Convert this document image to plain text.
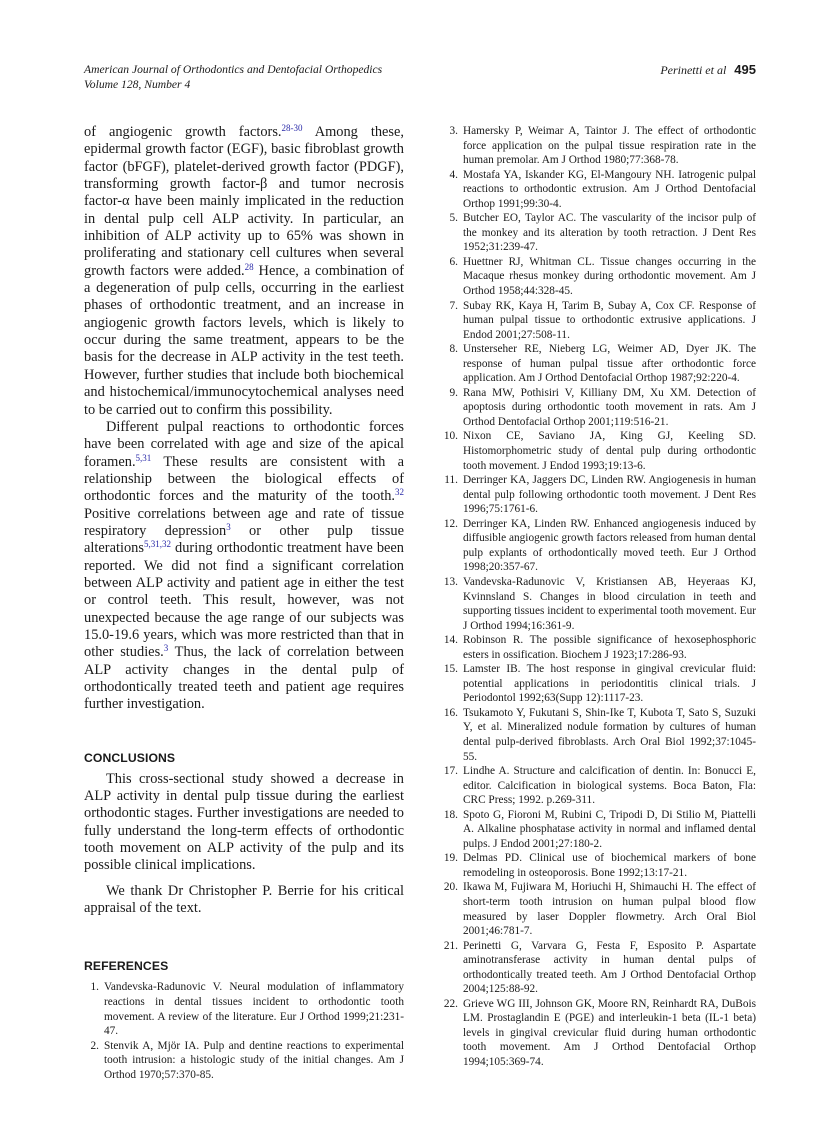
American Journal of Orthodontics and Dentofacial Orthopedics
Volume 128, Number 4
Perinetti et al 495

of angiogenic growth factors.$^{28-30}$ Among these, epidermal growth factor (EGF), basic fibroblast growth factor (bFGF), platelet-derived growth factor (PDGF), transforming growth factor-β and tumor necrosis factor-α have been mainly implicated in the reduction in dental pulp cell ALP activity. In particular, an inhibition of ALP activity up to 65% was shown in proliferating and stationary cell cultures when several growth factors were added.$^{28}$ Hence, a combination of a degeneration of pulp cells, occurring in the earliest phases of orthodontic treatment, and an increase in angiogenic growth factors levels, which is likely to occur during the same treatment, appears to be the basis for the decrease in ALP activity in the test teeth. However, further studies that include both biochemical and histochemical/immunocytochemical analyses need to be carried out to confirm this possibility.

Different pulpal reactions to orthodontic forces have been correlated with age and size of the apical foramen.$^{5,31}$ These results are consistent with a relationship between the biological effects of orthodontic forces and the maturity of the tooth.$^{32}$ Positive correlations between age and rate of tissue respiratory depression$^3$ or other pulp tissue alterations$^{5,31,32}$ during orthodontic treatment have been reported. We did not find a significant correlation between ALP activity and patient age in either the test or control teeth. This result, however, was not unexpected because the age range of our subjects was 15.0-19.6 years, which was more restricted than that in other studies.$^3$ Thus, the lack of correlation between ALP activity changes in the dental pulp of orthodontically treated teeth and patient age requires further investigation.

CONCLUSIONS

This cross-sectional study showed a decrease in ALP activity in dental pulp tissue during the earliest orthodontic stages. Further investigations are needed to fully understand the long-term effects of orthodontic tooth movement on ALP activity of the pulp and its possible clinical implications.

We thank Dr Christopher P. Berrie for his critical appraisal of the text.

REFERENCES
1. Vandevska-Radunovic V. Neural modulation of inflammatory reactions in dental tissues incident to orthodontic tooth movement. A review of the literature. Eur J Orthod 1999;21:231-47.
2. Stenvik A, Mjör IA. Pulp and dentine reactions to experimental tooth intrusion: a histologic study of the initial changes. Am J Orthod 1970;57:370-85.
3. Hamersky P, Weimar A, Taintor J. The effect of orthodontic force application on the pulpal tissue respiration rate in the human premolar. Am J Orthod 1980;77:368-78.
4. Mostafa YA, Iskander KG, El-Mangoury NH. Iatrogenic pulpal reactions to orthodontic extrusion. Am J Orthod Dentofacial Orthop 1991;99:30-4.
5. Butcher EO, Taylor AC. The vascularity of the incisor pulp of the monkey and its alteration by tooth retraction. J Dent Res 1952;31:239-47.
6. Huettner RJ, Whitman CL. Tissue changes occurring in the Macaque rhesus monkey during orthodontic movement. Am J Orthod 1958;44:328-45.
7. Subay RK, Kaya H, Tarim B, Subay A, Cox CF. Response of human pulpal tissue to orthodontic extrusive applications. J Endod 2001;27:508-11.
8. Unsterseher RE, Nieberg LG, Weimer AD, Dyer JK. The response of human pulpal tissue after orthodontic force application. Am J Orthod Dentofacial Orthop 1987;92:220-4.
9. Rana MW, Pothisiri V, Killiany DM, Xu XM. Detection of apoptosis during orthodontic tooth movement in rats. Am J Orthod Dentofacial Orthop 2001;119:516-21.
10. Nixon CE, Saviano JA, King GJ, Keeling SD. Histomorphometric study of dental pulp during orthodontic tooth movement. J Endod 1993;19:13-6.
11. Derringer KA, Jaggers DC, Linden RW. Angiogenesis in human dental pulp following orthodontic tooth movement. J Dent Res 1996;75:1761-6.
12. Derringer KA, Linden RW. Enhanced angiogenesis induced by diffusible angiogenic growth factors released from human dental pulp explants of orthodontically moved teeth. Eur J Orthod 1998;20:357-67.
13. Vandevska-Radunovic V, Kristiansen AB, Heyeraas KJ, Kvinnsland S. Changes in blood circulation in teeth and supporting tissues incident to experimental tooth movement. Eur J Orthod 1994;16:361-9.
14. Robinson R. The possible significance of hexosephosphoric esters in ossification. Biochem J 1923;17:286-93.
15. Lamster IB. The host response in gingival crevicular fluid: potential applications in periodontitis clinical trials. J Periodontol 1992;63(Supp 12):1117-23.
16. Tsukamoto Y, Fukutani S, Shin-Ike T, Kubota T, Sato S, Suzuki Y, et al. Mineralized nodule formation by cultures of human dental pulp-derived fibroblasts. Arch Oral Biol 1992;37:1045-55.
17. Lindhe A. Structure and calcification of dentin. In: Bonucci E, editor. Calcification in biological systems. Boca Baton, Fla: CRC Press; 1992. p.269-311.
18. Spoto G, Fioroni M, Rubini C, Tripodi D, Di Stilio M, Piattelli A. Alkaline phosphatase activity in normal and inflamed dental pulps. J Endod 2001;27:180-2.
19. Delmas PD. Clinical use of biochemical markers of bone remodeling in osteoporosis. Bone 1992;13:17-21.
20. Ikawa M, Fujiwara M, Horiuchi H, Shimauchi H. The effect of short-term tooth intrusion on human pulpal blood flow measured by laser Doppler flowmetry. Arch Oral Biol 2001;46:781-7.
21. Perinetti G, Varvara G, Festa F, Esposito P. Aspartate aminotransferase activity in human dental pulps of orthodontically treated teeth. Am J Orthod Dentofacial Orthop 2004;125:88-92.
22. Grieve WG III, Johnson GK, Moore RN, Reinhardt RA, DuBois LM. Prostaglandin E (PGE) and interleukin-1 beta (IL-1 beta) levels in gingival crevicular fluid during human orthodontic tooth movement. Am J Orthod Dentofacial Orthop 1994;105:369-74.
